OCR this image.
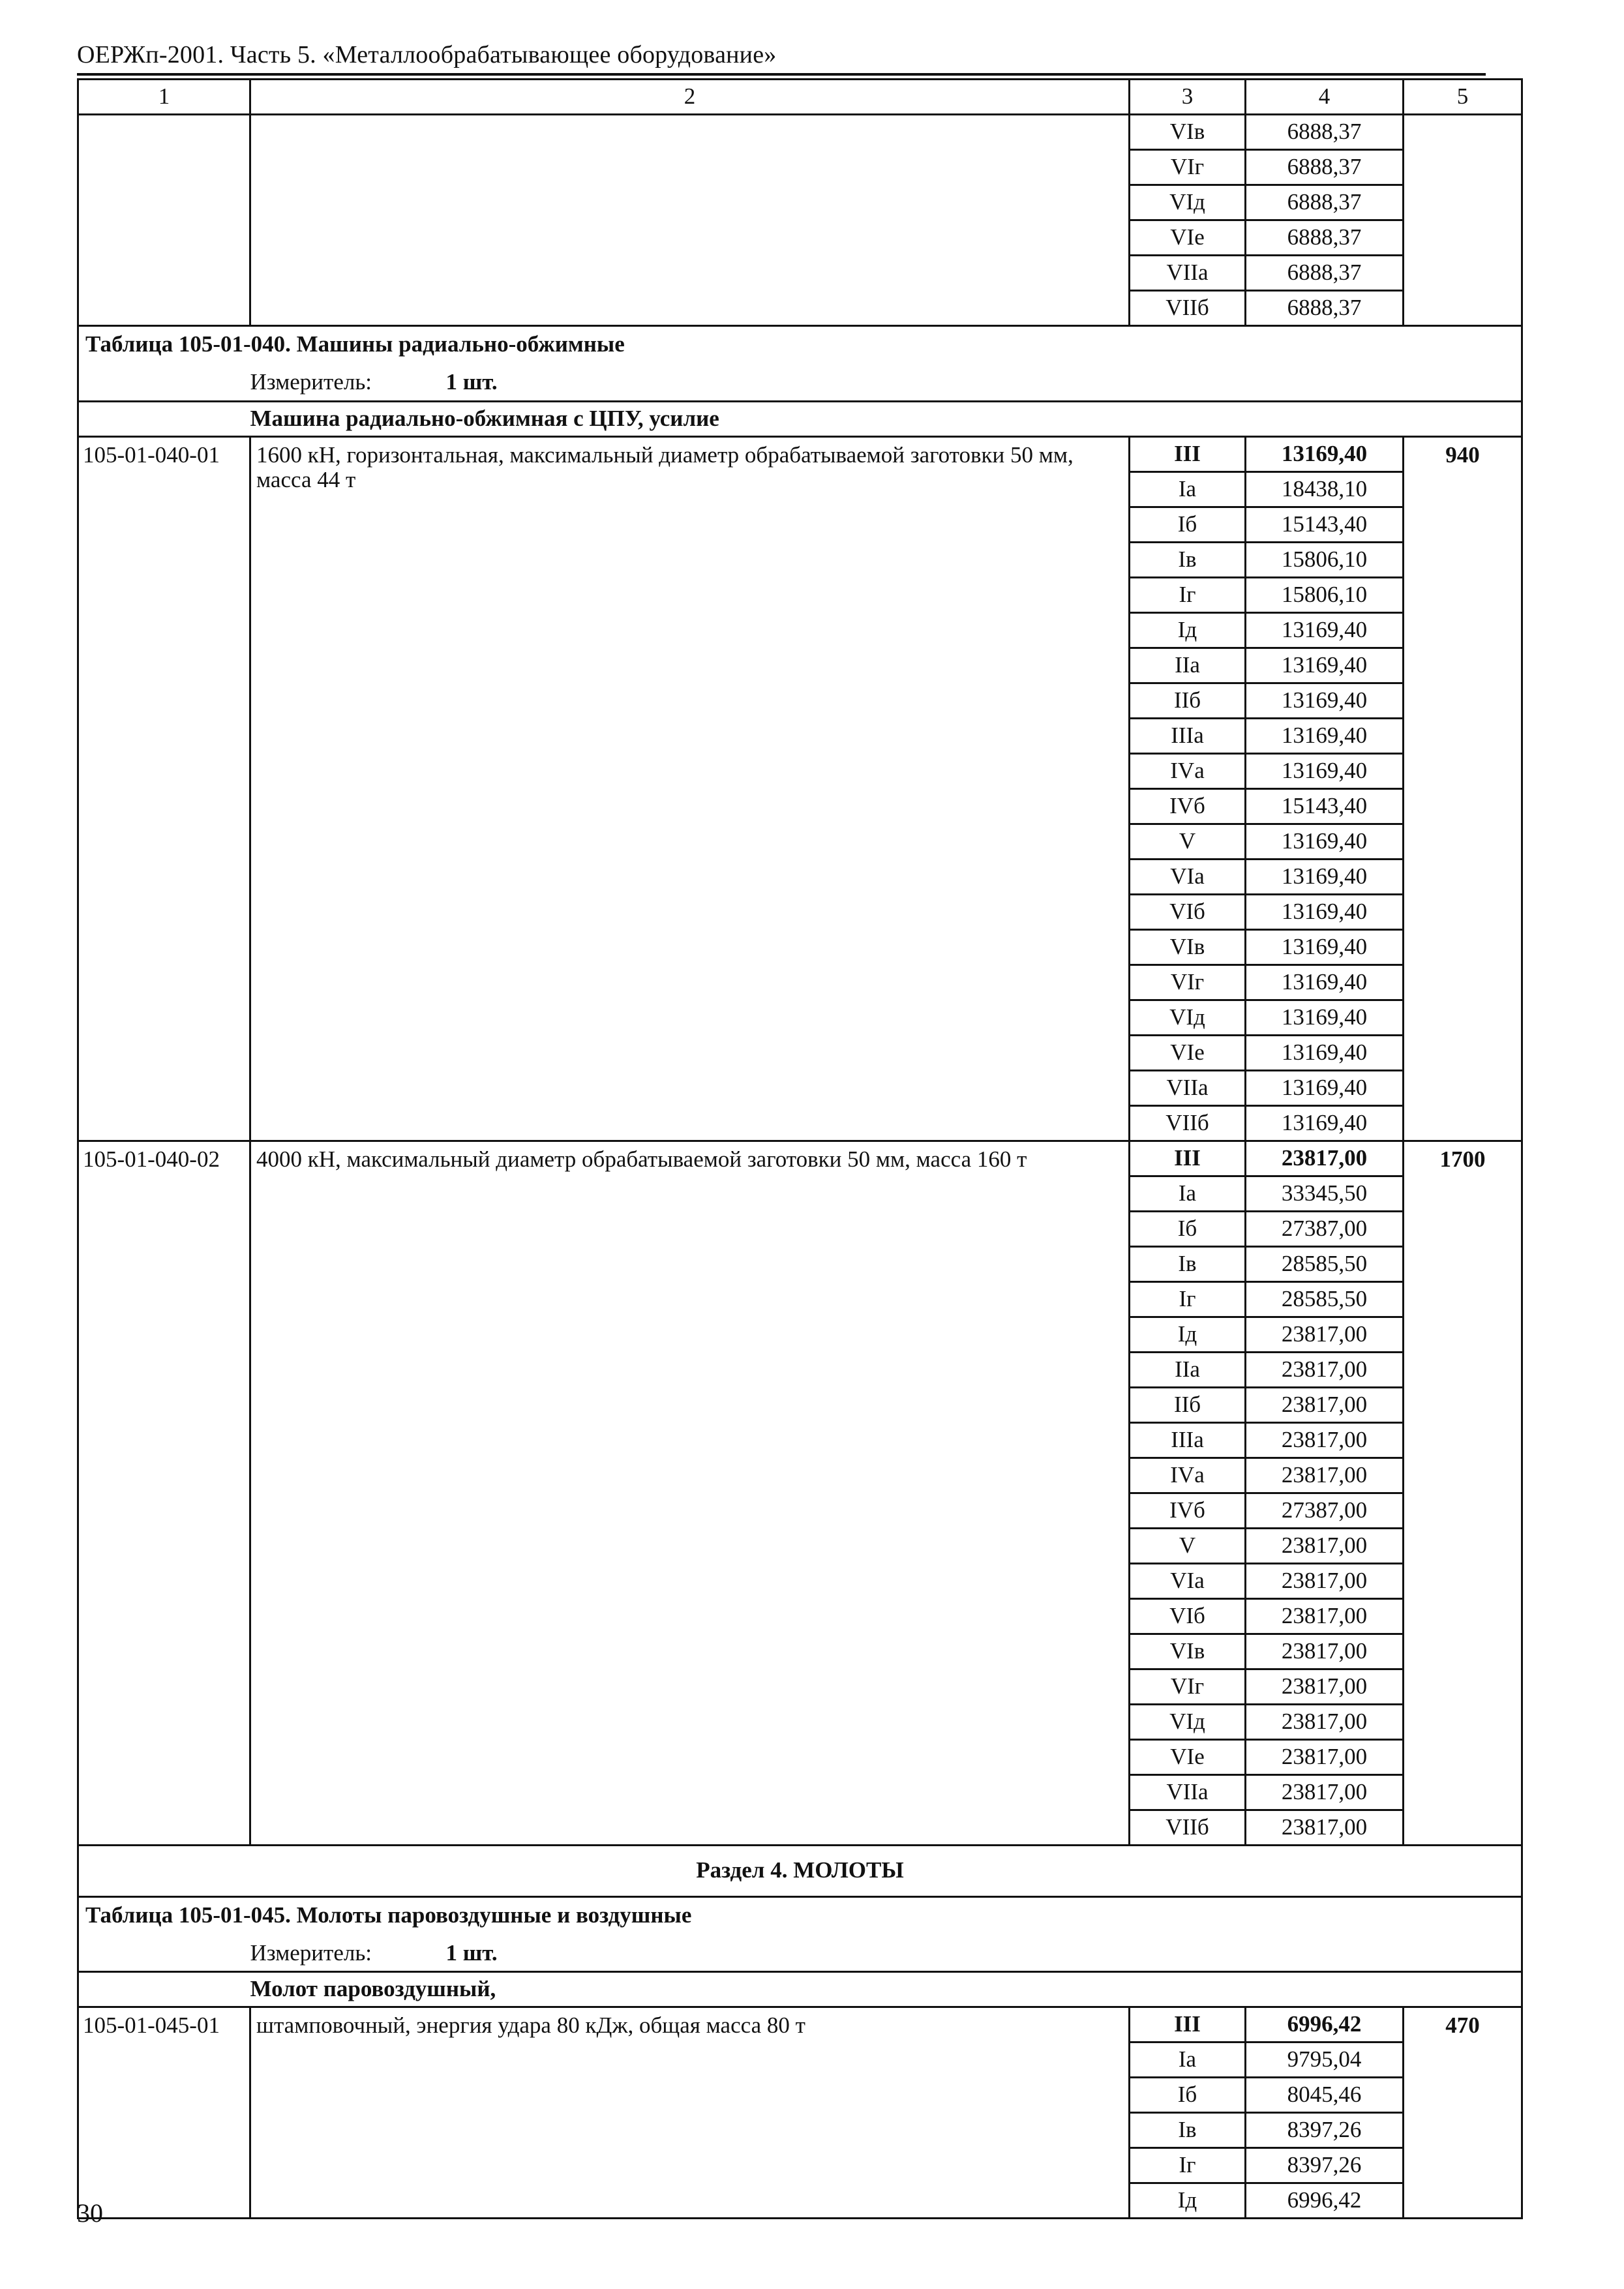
ОЕРЖп-2001. Часть 5. «Металлообрабатывающее оборудование»
1	2	3	4	5
		VIв	6888,37	
		VIг	6888,37	
		VIд	6888,37	
		VIе	6888,37	
		VIIа	6888,37	
		VIIб	6888,37	
Таблица 105-01-040. Машины радиально-обжимные				
	Измеритель: 1 шт.			
	Машина радиально-обжимная с ЦПУ, усилие			
105-01-040-01	1600 кН, горизонтальная, максимальный диаметр обрабатываемой заготовки 50 мм, масса 44 т	III	13169,40	940
		Iа	18438,10	
		Iб	15143,40	
		Iв	15806,10	
		Iг	15806,10	
		Iд	13169,40	
		IIа	13169,40	
		IIб	13169,40	
		IIIа	13169,40	
		IVа	13169,40	
		IVб	15143,40	
		V	13169,40	
		VIа	13169,40	
		VIб	13169,40	
		VIв	13169,40	
		VIг	13169,40	
		VIд	13169,40	
		VIе	13169,40	
		VIIа	13169,40	
		VIIб	13169,40	
105-01-040-02	4000 кН, максимальный диаметр обрабатываемой заготовки 50 мм, масса 160 т	III	23817,00	1700
		Iа	33345,50	
		Iб	27387,00	
		Iв	28585,50	
		Iг	28585,50	
		Iд	23817,00	
		IIа	23817,00	
		IIб	23817,00	
		IIIа	23817,00	
		IVа	23817,00	
		IVб	27387,00	
		V	23817,00	
		VIа	23817,00	
		VIб	23817,00	
		VIв	23817,00	
		VIг	23817,00	
		VIд	23817,00	
		VIе	23817,00	
		VIIа	23817,00	
		VIIб	23817,00	
Раздел 4. МОЛОТЫ				
Таблица 105-01-045. Молоты паровоздушные и воздушные				
	Измеритель: 1 шт.			
	Молот паровоздушный,			
105-01-045-01	штамповочный, энергия удара 80 кДж, общая масса 80 т	III	6996,42	470
		Iа	9795,04	
		Iб	8045,46	
		Iв	8397,26	
		Iг	8397,26	
		Iд	6996,42	
30
